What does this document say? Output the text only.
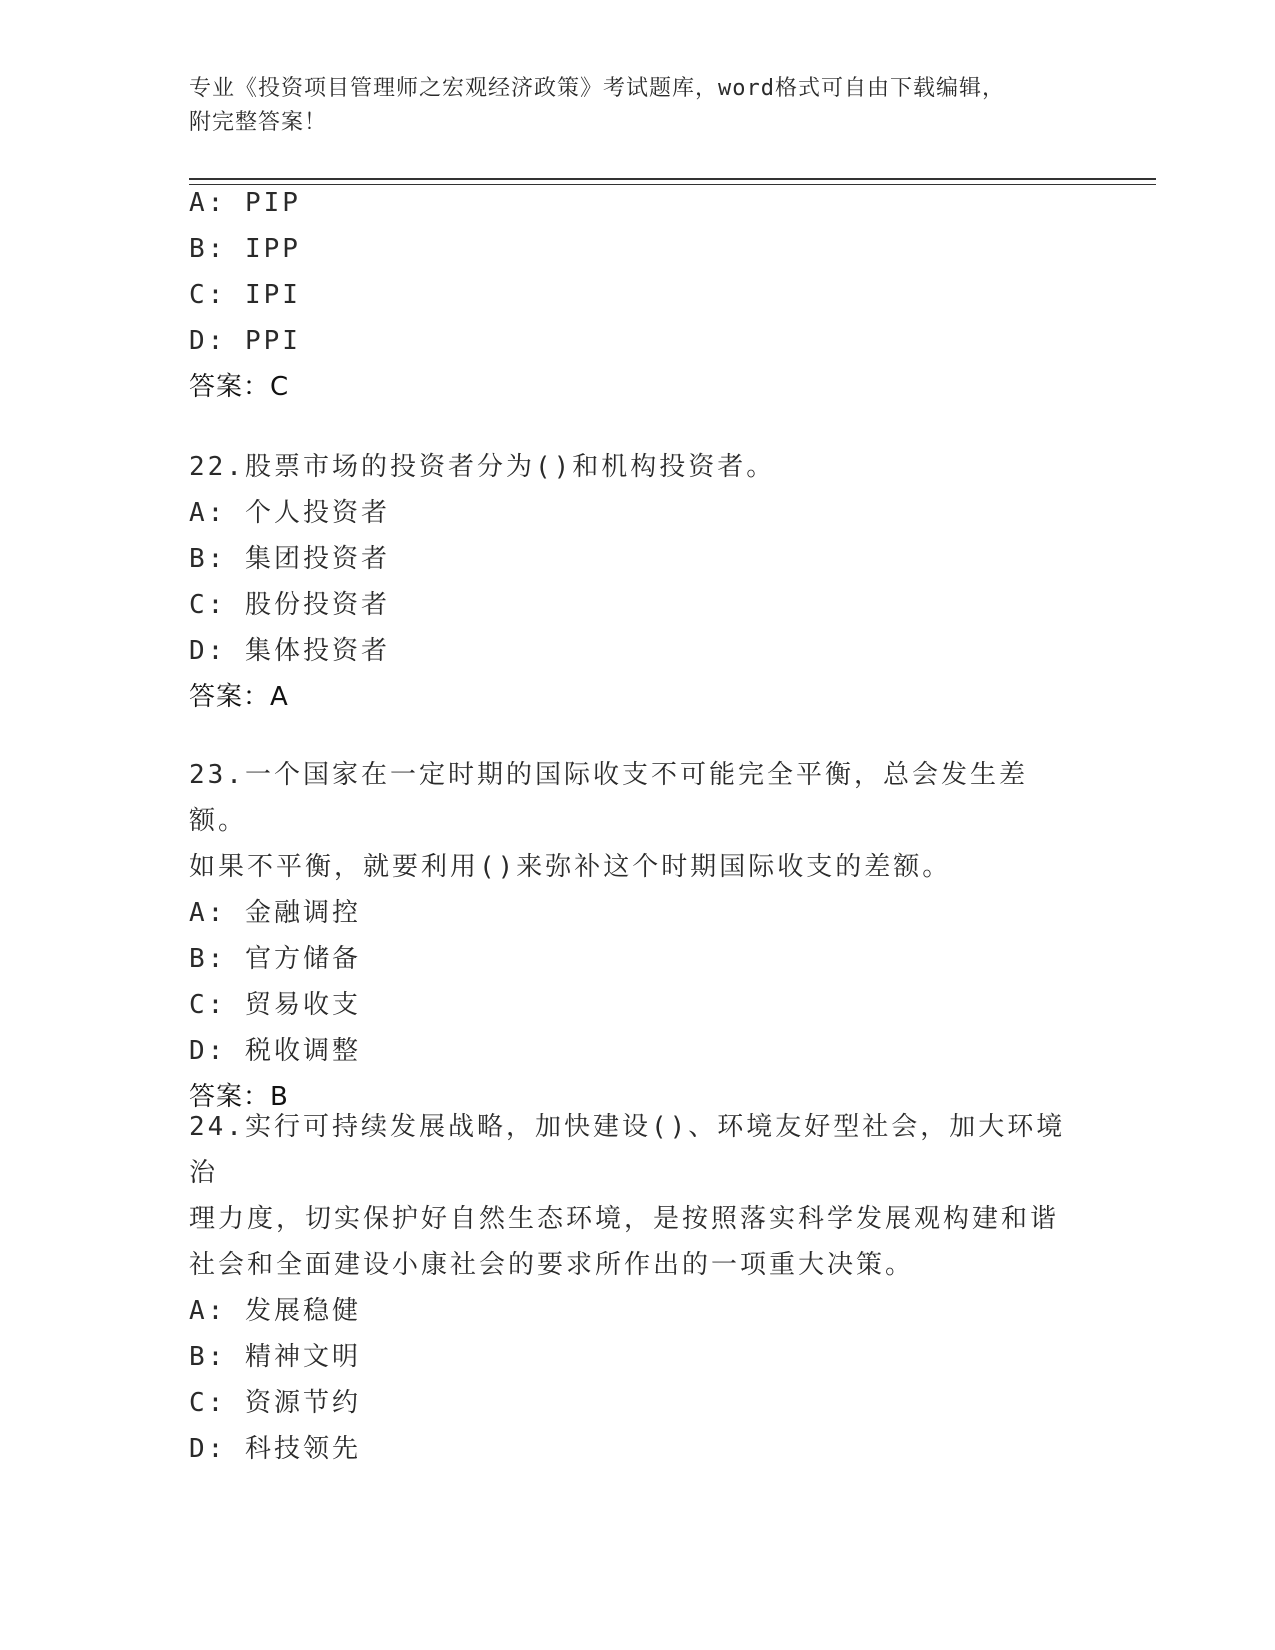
专业《投资项目管理师之宏观经济政策》考试题库，word格式可自由下载编辑，
附完整答案！
A: PIP
B: IPP
C: IPI
D: PPI
答案：C
22.股票市场的投资者分为()和机构投资者。
A: 个人投资者
B: 集团投资者
C: 股份投资者
D: 集体投资者
答案：A
23.一个国家在一定时期的国际收支不可能完全平衡，总会发生差额。
如果不平衡，就要利用()来弥补这个时期国际收支的差额。
A: 金融调控
B: 官方储备
C: 贸易收支
D: 税收调整
答案：B
24.实行可持续发展战略，加快建设()、环境友好型社会，加大环境治
理力度，切实保护好自然生态环境，是按照落实科学发展观构建和谐
社会和全面建设小康社会的要求所作出的一项重大决策。
A: 发展稳健
B: 精神文明
C: 资源节约
D: 科技领先
